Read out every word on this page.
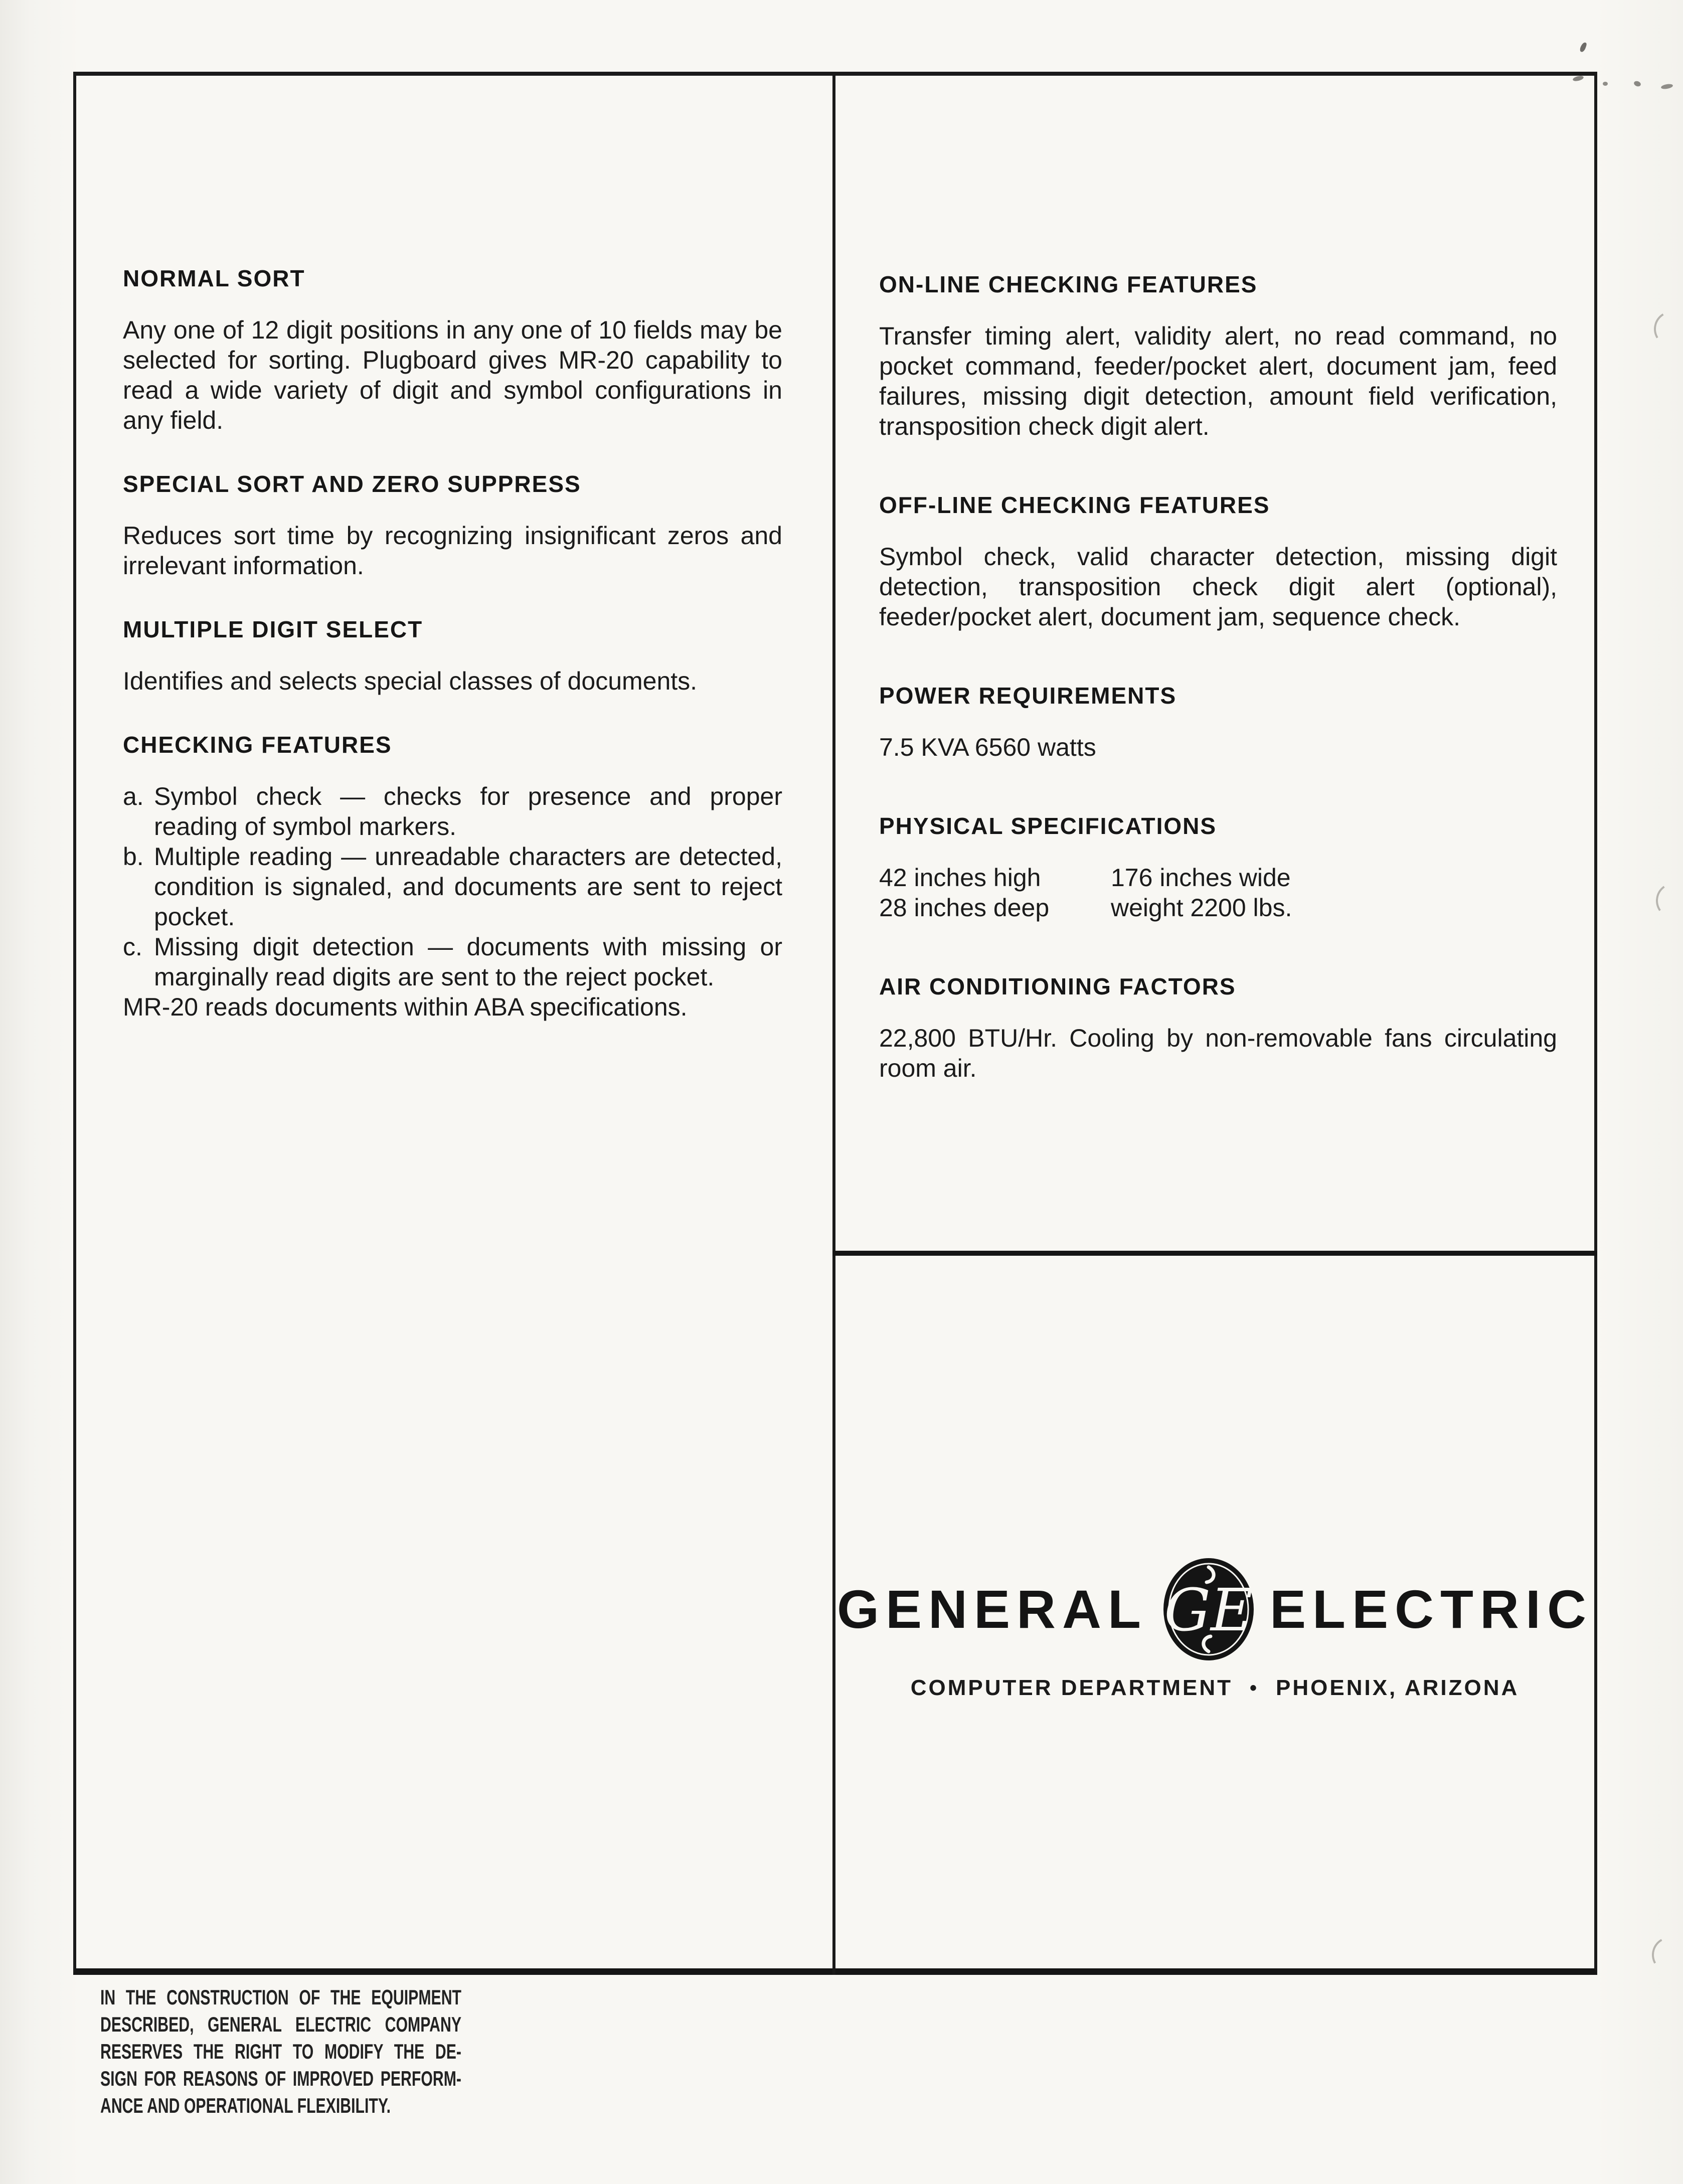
NORMAL SORT

Any one of 12 digit positions in any one of 10 fields may be selected for sorting. Plugboard gives MR-20 capability to read a wide variety of digit and symbol configurations in any field.

SPECIAL SORT AND ZERO SUPPRESS

Reduces sort time by recognizing insignificant zeros and irrelevant information.

MULTIPLE DIGIT SELECT

Identifies and selects special classes of documents.

CHECKING FEATURES
a. Symbol check — checks for presence and proper reading of symbol markers.
b. Multiple reading — unreadable characters are detected, condition is signaled, and documents are sent to reject pocket.
c. Missing digit detection — documents with missing or marginally read digits are sent to the reject pocket.

MR-20 reads documents within ABA specifications.

ON-LINE CHECKING FEATURES

Transfer timing alert, validity alert, no read command, no pocket command, feeder/pocket alert, document jam, feed failures, missing digit detection, amount field verification, transposition check digit alert.

OFF-LINE CHECKING FEATURES

Symbol check, valid character detection, missing digit detection, transposition check digit alert (optional), feeder/pocket alert, document jam, sequence check.

POWER REQUIREMENTS

7.5 KVA 6560 watts

PHYSICAL SPECIFICATIONS
42 inches high	176 inches wide
28 inches deep	weight 2200 lbs.
AIR CONDITIONING FACTORS

22,800 BTU/Hr. Cooling by non-removable fans circulating room air.

GENERAL GE ELECTRIC
COMPUTER DEPARTMENT • PHOENIX, ARIZONA
IN THE CONSTRUCTION OF THE EQUIPMENT
DESCRIBED, GENERAL ELECTRIC COMPANY
RESERVES THE RIGHT TO MODIFY THE DE-
SIGN FOR REASONS OF IMPROVED PERFORM-
ANCE AND OPERATIONAL FLEXIBILITY.
